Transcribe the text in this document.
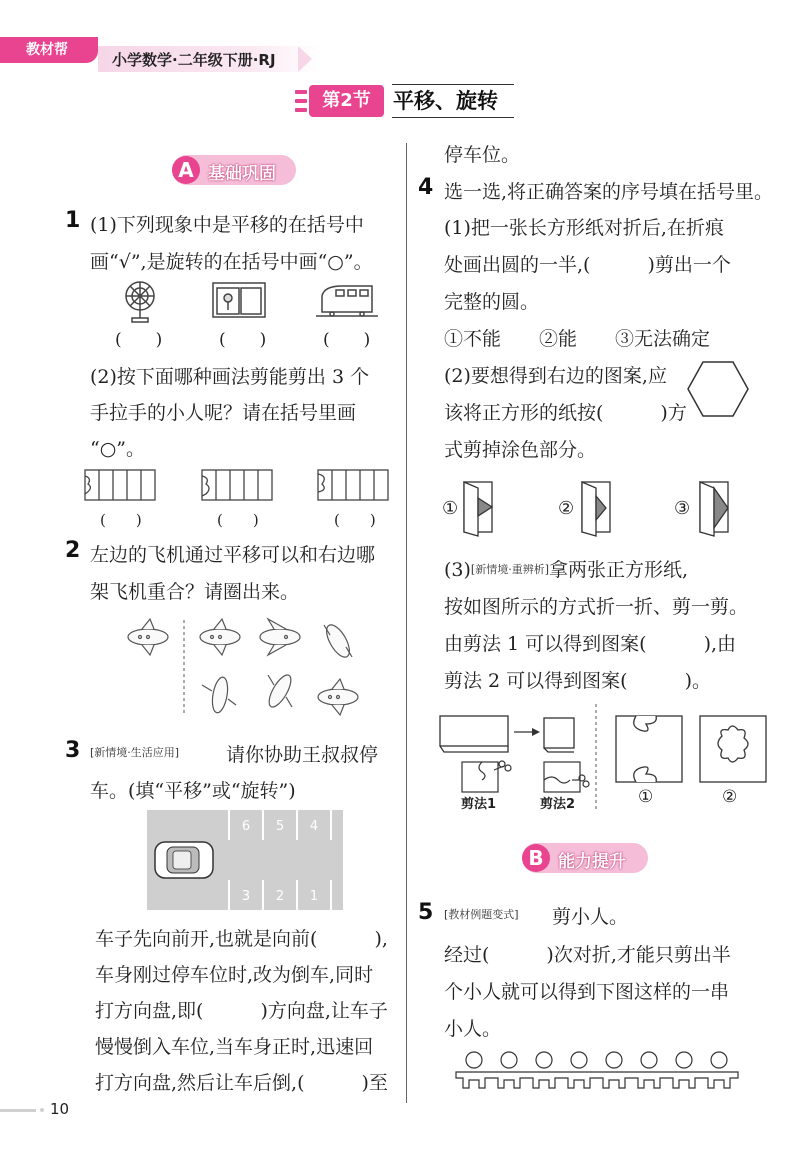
教材帮
小学数学·二年级下册·RJ
第2节	平移、旋转
A 基础巩固
1 (1)下列现象中是平移的在括号中
画“√”,是旋转的在括号中画“○”。
(　　)	(　　)	(　　)
(2)按下面哪种画法剪能剪出 3 个
手拉手的小人呢？请在括号里画
“○”。
(　　)	(　　)	(　　)
2 左边的飞机通过平移可以和右边哪
架飞机重合？请圈出来。
3 [新情境·生活应用] 请你协助王叔叔停
车。(填“平移”或“旋转”)
6 5 4
3 2 1
车子先向前开,也就是向前(　　　),
车身刚过停车位时,改为倒车,同时
打方向盘,即(　　　)方向盘,让车子
慢慢倒入车位,当车身正时,迅速回
打方向盘,然后让车后倒,(　　　)至
停车位。
4 选一选,将正确答案的序号填在括号里。
(1)把一张长方形纸对折后,在折痕
处画出圆的一半,(　　　)剪出一个
完整的圆。
①不能　　②能　　③无法确定
(2)要想得到右边的图案,应
该将正方形的纸按(　　　)方
式剪掉涂色部分。
①	②	③
(3)[新情境·重辨析]拿两张正方形纸,
按如图所示的方式折一折、剪一剪。
由剪法 1 可以得到图案(　　　),由
剪法 2 可以得到图案(　　　)。
剪法1	剪法2	①	②
B 能力提升
5 [教材例题变式] 剪小人。
经过(　　　)次对折,才能只剪出半
个小人就可以得到下图这样的一串
小人。
10
